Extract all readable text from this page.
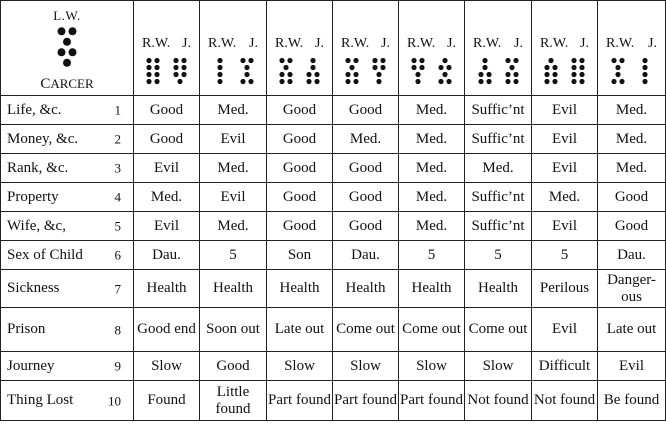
L.W.
CARCER	R.W. J.	R.W. J.	R.W. J.	R.W. J.	R.W. J.	R.W. J.	R.W. J.	R.W. J.

Life, &c. 1	Good	Med.	Good	Good	Med.	Suffic’nt	Evil	Med.
Money, &c. 2	Good	Evil	Good	Med.	Med.	Suffic’nt	Evil	Med.
Rank, &c. 3	Evil	Med.	Good	Good	Med.	Med.	Evil	Med.
Property 4	Med.	Evil	Good	Good	Med.	Suffic’nt	Med.	Good
Wife, &c, 5	Evil	Med.	Good	Good	Med.	Suffic’nt	Evil	Good
Sex of Child 6	Dau.	5	Son	Dau.	5	5	5	Dau.
Sickness 7	Health	Health	Health	Health	Health	Health	Perilous	Danger- ous
Prison 8	Good end	Soon out	Late out	Come out	Come out	Come out	Evil	Late out
Journey 9	Slow	Good	Slow	Slow	Slow	Slow	Difficult	Evil
Thing Lost 10	Found	Little found	Part found	Part found	Part found	Not found	Not found	Be found
